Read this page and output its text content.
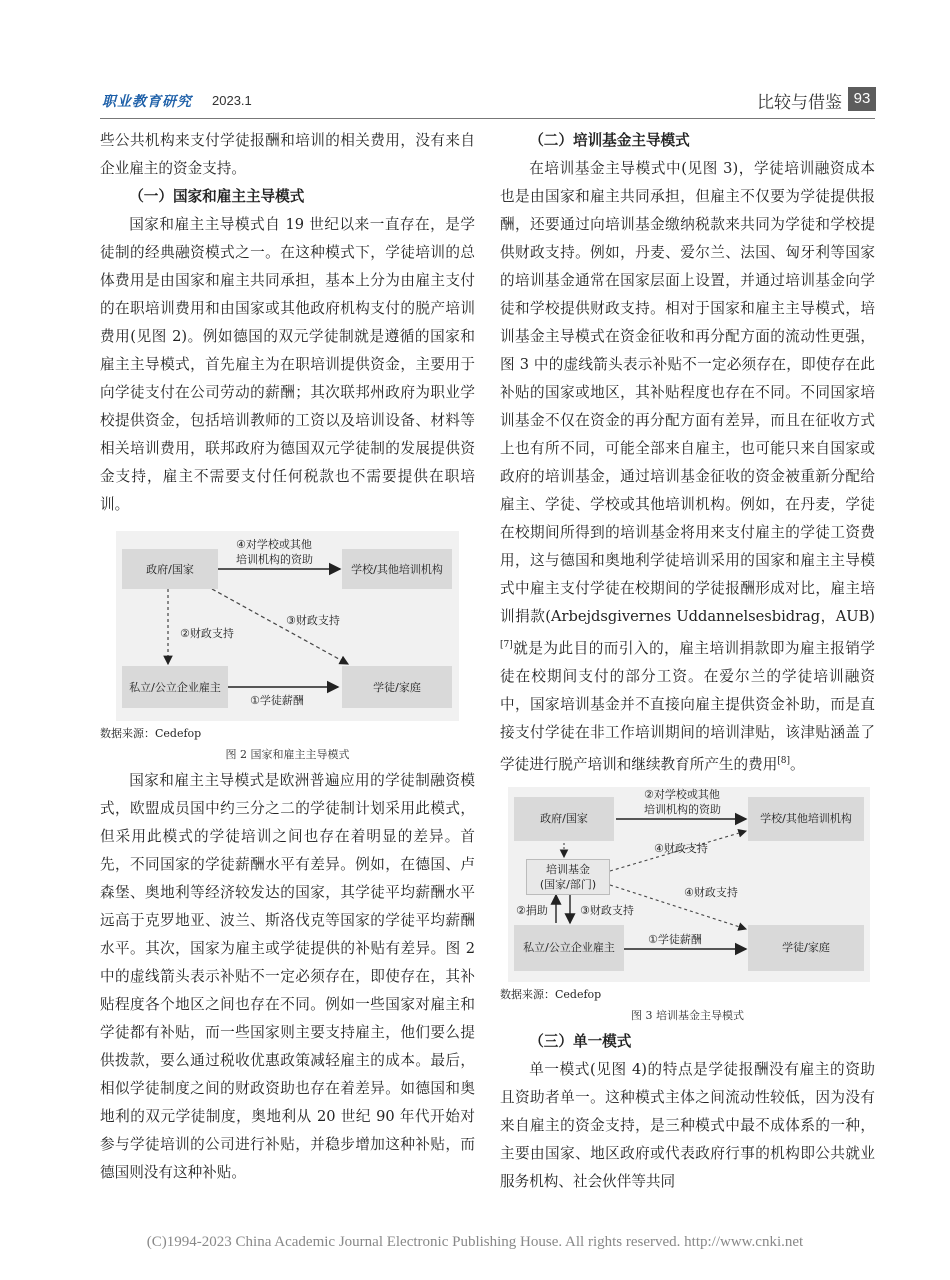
职业教育研究 2023.1	比较与借鉴 93

些公共机构来支付学徒报酬和培训的相关费用，没有来自企业雇主的资金支持。

（一）国家和雇主主导模式

国家和雇主主导模式自 19 世纪以来一直存在，是学徒制的经典融资模式之一。在这种模式下，学徒培训的总体费用是由国家和雇主共同承担，基本上分为由雇主支付的在职培训费用和由国家或其他政府机构支付的脱产培训费用(见图 2)。例如德国的双元学徒制就是遵循的国家和雇主主导模式，首先雇主为在职培训提供资金，主要用于向学徒支付在公司劳动的薪酬；其次联邦州政府为职业学校提供资金，包括培训教师的工资以及培训设备、材料等相关培训费用，联邦政府为德国双元学徒制的发展提供资金支持，雇主不需要支付任何税款也不需要提供在职培训。

政府/国家	学校/其他培训机构
私立/公立企业雇主	学徒/家庭
④对学校或其他
培训机构的资助
③财政支持
②财政支持
①学徒薪酬
数据来源：Cedefop
图 2 国家和雇主主导模式

国家和雇主主导模式是欧洲普遍应用的学徒制融资模式，欧盟成员国中约三分之二的学徒制计划采用此模式，但采用此模式的学徒培训之间也存在着明显的差异。首先，不同国家的学徒薪酬水平有差异。例如，在德国、卢森堡、奥地利等经济较发达的国家，其学徒平均薪酬水平远高于克罗地亚、波兰、斯洛伐克等国家的学徒平均薪酬水平。其次，国家为雇主或学徒提供的补贴有差异。图 2 中的虚线箭头表示补贴不一定必须存在，即使存在，其补贴程度各个地区之间也存在不同。例如一些国家对雇主和学徒都有补贴，而一些国家则主要支持雇主，他们要么提供拨款，要么通过税收优惠政策减轻雇主的成本。最后，相似学徒制度之间的财政资助也存在着差异。如德国和奥地利的双元学徒制度，奥地利从 20 世纪 90 年代开始对参与学徒培训的公司进行补贴，并稳步增加这种补贴，而德国则没有这种补贴。

（二）培训基金主导模式

在培训基金主导模式中(见图 3)，学徒培训融资成本也是由国家和雇主共同承担，但雇主不仅要为学徒提供报酬，还要通过向培训基金缴纳税款来共同为学徒和学校提供财政支持。例如，丹麦、爱尔兰、法国、匈牙利等国家的培训基金通常在国家层面上设置，并通过培训基金向学徒和学校提供财政支持。相对于国家和雇主主导模式，培训基金主导模式在资金征收和再分配方面的流动性更强，图 3 中的虚线箭头表示补贴不一定必须存在，即使存在此补贴的国家或地区，其补贴程度也存在不同。不同国家培训基金不仅在资金的再分配方面有差异，而且在征收方式上也有所不同，可能全部来自雇主，也可能只来自国家或政府的培训基金，通过培训基金征收的资金被重新分配给雇主、学徒、学校或其他培训机构。例如，在丹麦，学徒在校期间所得到的培训基金将用来支付雇主的学徒工资费用，这与德国和奥地利学徒培训采用的国家和雇主主导模式中雇主支付学徒在校期间的学徒报酬形成对比，雇主培训捐款(Arbejdsgivernes Uddannelsesbidrag，AUB)[7]就是为此目的而引入的，雇主培训捐款即为雇主报销学徒在校期间支付的部分工资。在爱尔兰的学徒培训融资中，国家培训基金并不直接向雇主提供资金补助，而是直接支付学徒在非工作培训期间的培训津贴，该津贴涵盖了学徒进行脱产培训和继续教育所产生的费用[8]。

政府/国家	学校/其他培训机构
培训基金
(国家/部门)
私立/公立企业雇主	学徒/家庭
②对学校或其他
培训机构的资助
④财政支持
④财政支持
②捐助	③财政支持
①学徒薪酬
数据来源：Cedefop
图 3 培训基金主导模式

（三）单一模式

单一模式(见图 4)的特点是学徒报酬没有雇主的资助且资助者单一。这种模式主体之间流动性较低，因为没有来自雇主的资金支持，是三种模式中最不成体系的一种，主要由国家、地区政府或代表政府行事的机构即公共就业服务机构、社会伙伴等共同

(C)1994-2023 China Academic Journal Electronic Publishing House. All rights reserved. http://www.cnki.net
